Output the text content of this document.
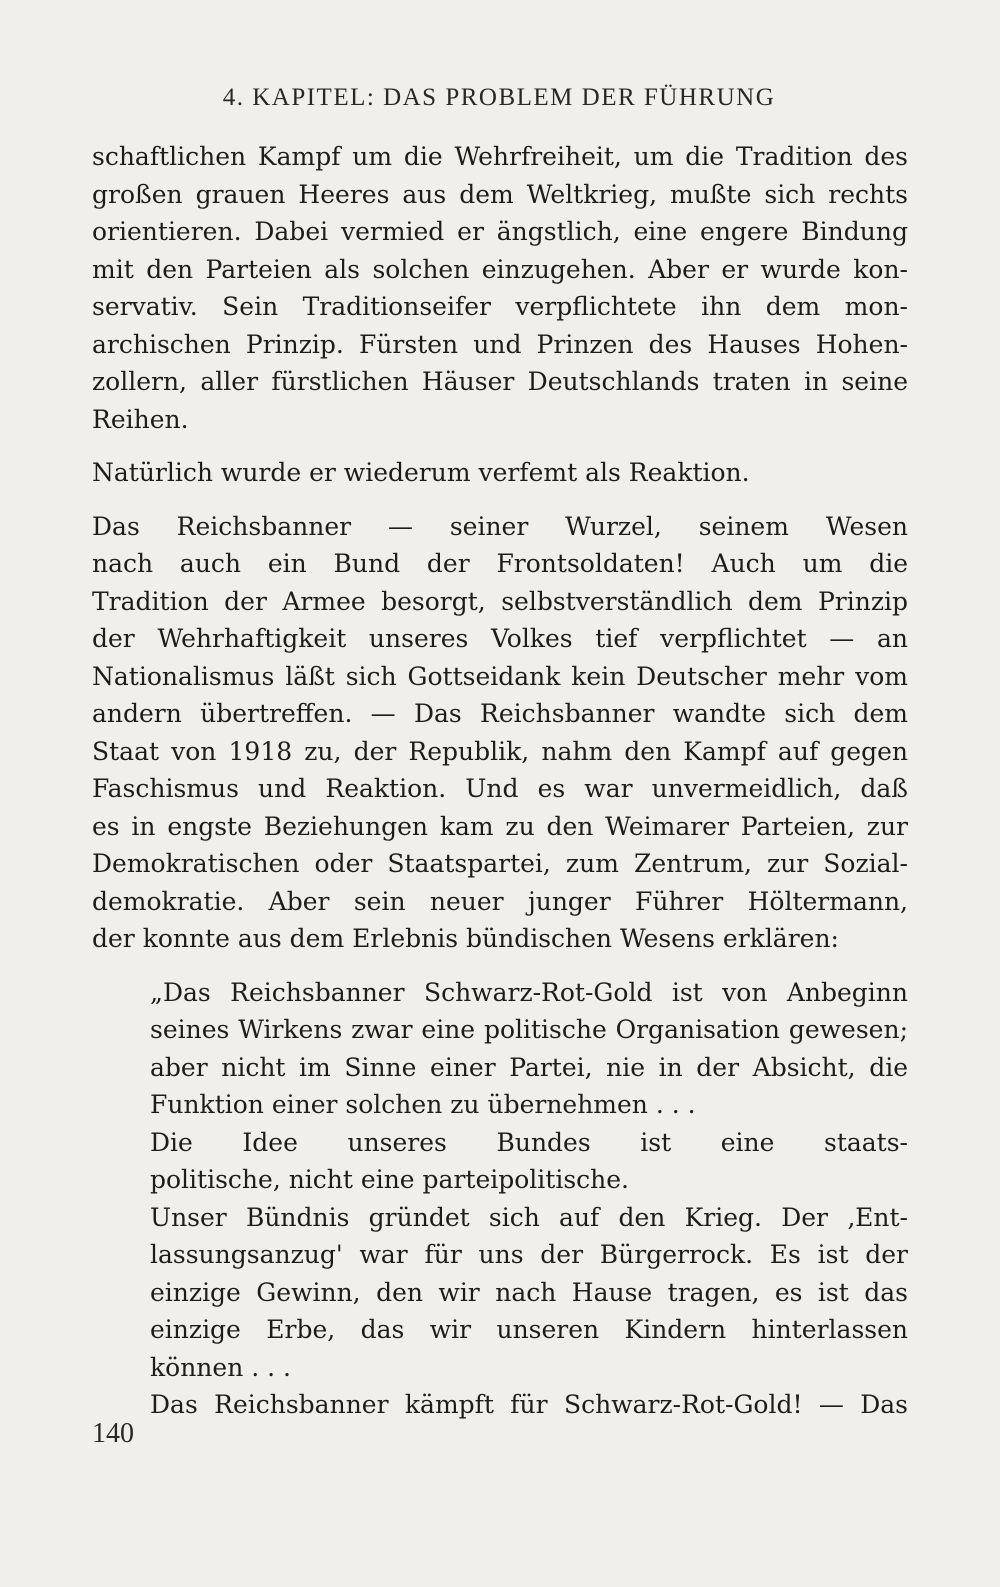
4. KAPITEL: DAS PROBLEM DER FÜHRUNG
schaftlichen Kampf um die Wehrfreiheit, um die Tradition des
großen grauen Heeres aus dem Weltkrieg, mußte sich rechts
orientieren. Dabei vermied er ängstlich, eine engere Bindung
mit den Parteien als solchen einzugehen. Aber er wurde kon-
servativ. Sein Traditionseifer verpflichtete ihn dem mon-
archischen Prinzip. Fürsten und Prinzen des Hauses Hohen-
zollern, aller fürstlichen Häuser Deutschlands traten in seine
Reihen.
Natürlich wurde er wiederum verfemt als Reaktion.
Das Reichsbanner — seiner Wurzel, seinem Wesen
nach auch ein Bund der Frontsoldaten! Auch um die
Tradition der Armee besorgt, selbstverständlich dem Prinzip
der Wehrhaftigkeit unseres Volkes tief verpflichtet — an
Nationalismus läßt sich Gottseidank kein Deutscher mehr vom
andern übertreffen. — Das Reichsbanner wandte sich dem
Staat von 1918 zu, der Republik, nahm den Kampf auf gegen
Faschismus und Reaktion. Und es war unvermeidlich, daß
es in engste Beziehungen kam zu den Weimarer Parteien, zur
Demokratischen oder Staatspartei, zum Zentrum, zur Sozial-
demokratie. Aber sein neuer junger Führer Höltermann,
der konnte aus dem Erlebnis bündischen Wesens erklären:
„Das Reichsbanner Schwarz-Rot-Gold ist von Anbeginn
seines Wirkens zwar eine politische Organisation gewesen;
aber nicht im Sinne einer Partei, nie in der Absicht, die
Funktion einer solchen zu übernehmen . . .
Die Idee unseres Bundes ist eine staats-
politische, nicht eine parteipolitische.
Unser Bündnis gründet sich auf den Krieg. Der ‚Ent-
lassungsanzug' war für uns der Bürgerrock. Es ist der
einzige Gewinn, den wir nach Hause tragen, es ist das
einzige Erbe, das wir unseren Kindern hinterlassen
können . . .
Das Reichsbanner kämpft für Schwarz-Rot-Gold! — Das
140
